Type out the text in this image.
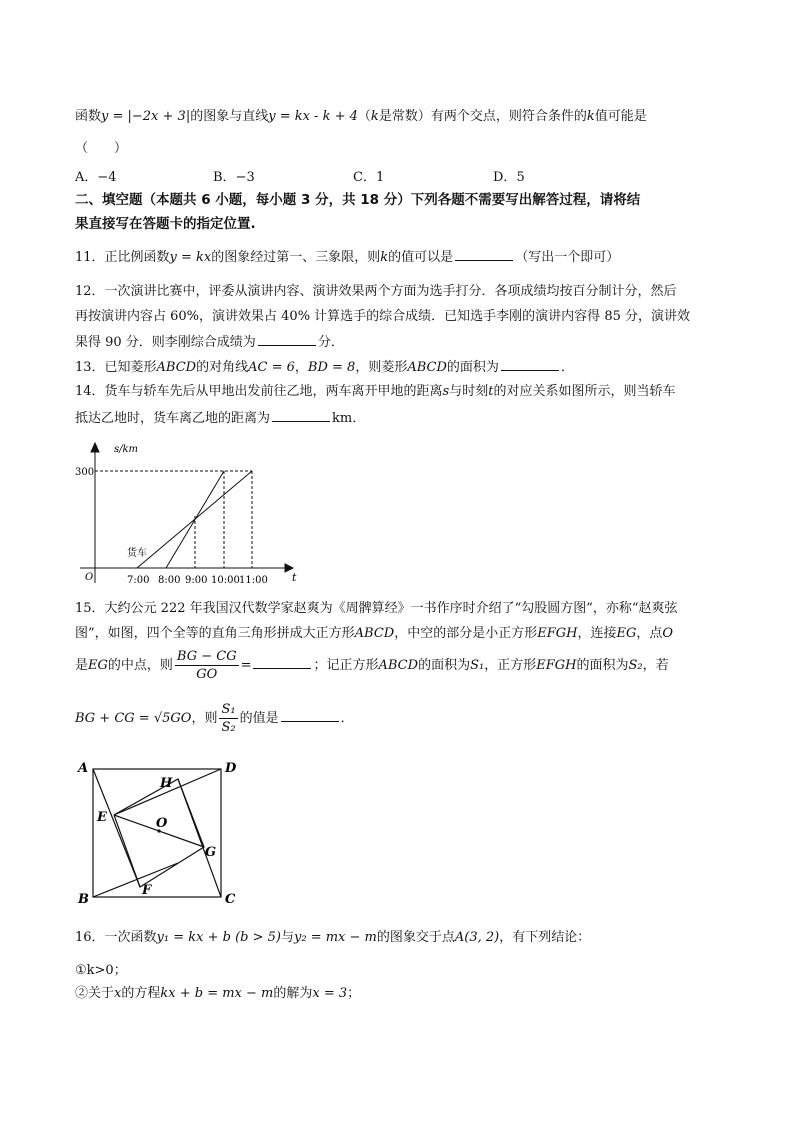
函数y = |−2x + 3|的图象与直线y = kx - k + 4（k是常数）有两个交点，则符合条件的k值可能是
（　　）
A．−4	B．−3	C．1	D．5
二、填空题（本题共 6 小题，每小题 3 分，共 18 分）下列各题不需要写出解答过程，请将结
果直接写在答题卡的指定位置.
11．正比例函数y = kx的图象经过第一、三象限，则k的值可以是	（写出一个即可）
12．一次演讲比赛中，评委从演讲内容、演讲效果两个方面为选手打分．各项成绩均按百分制计分，然后
再按演讲内容占 60%，演讲效果占 40% 计算选手的综合成绩．已知选手李刚的演讲内容得 85 分，演讲效
果得 90 分．则李刚综合成绩为	分．
13．已知菱形ABCD的对角线AC = 6，BD = 8，则菱形ABCD的面积为	．
14．货车与轿车先后从甲地出发前往乙地，两车离开甲地的距离s与时刻t的对应关系如图所示，则当轿车
抵达乙地时，货车离乙地的距离为	km．
s/km
t
O
300
货车
7:00 8:00 9:00 10:00 11:00
15．大约公元 222 年我国汉代数学家赵爽为《周髀算经》一书作序时介绍了“勾股圆方图”，亦称“赵爽弦
图”，如图，四个全等的直角三角形拼成大正方形ABCD，中空的部分是小正方形EFGH，连接EG，点O
是EG的中点，则 $\frac{BG - CG}{GO}$ =	；记正方形ABCD的面积为S₁，正方形EFGH的面积为S₂，若
BG + CG = √5GO，则 $\frac{\text{S₁}}{\text{S₂}}$ 的值是	．
A
B	C
D
E
F
G
H
O
16．一次函数y₁ = kx + b (b > 5)与y₂ = mx − m的图象交于点A(3, 2)，有下列结论：
①k>0；
②关于x的方程kx + b = mx − m的解为x = 3；
